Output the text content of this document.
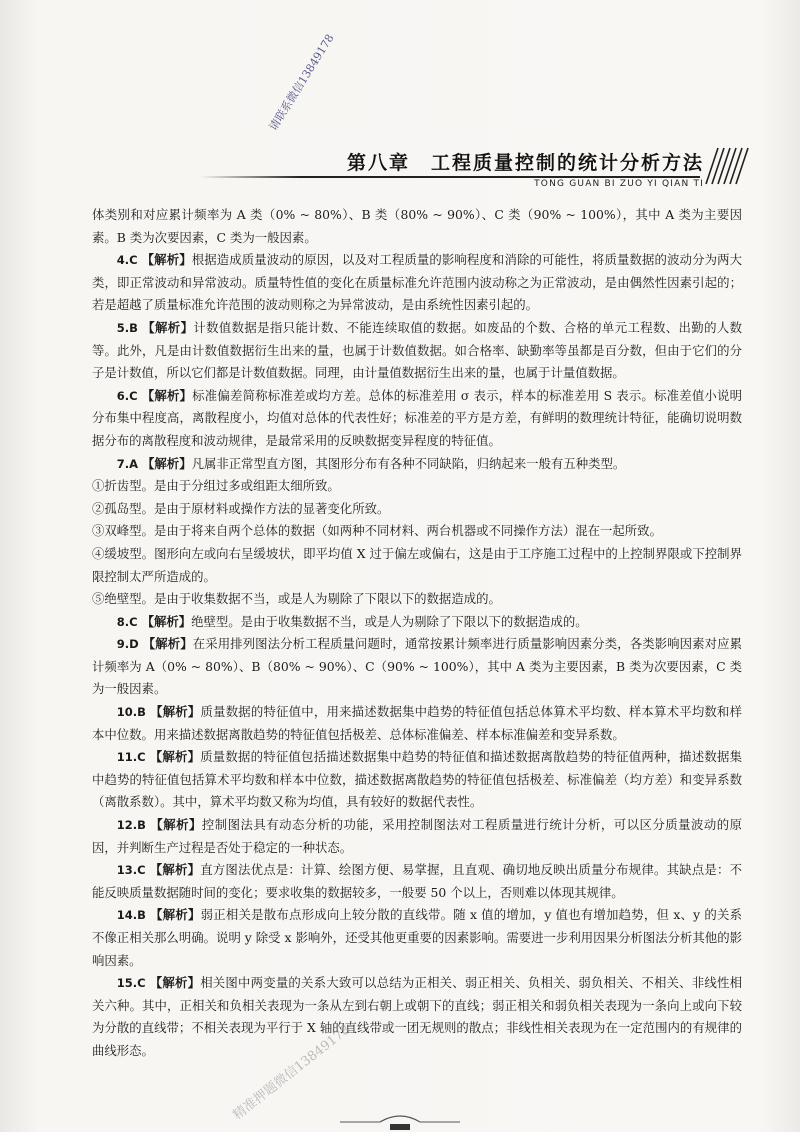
第八章　工程质量控制的统计分析方法
TONG GUAN BI ZUO YI QIAN TI
请联系微信13849178

体类别和对应累计频率为 A 类（0% ~ 80%）、B 类（80% ~ 90%）、C 类（90% ~ 100%），其中 A 类为主要因素。B 类为次要因素，C 类为一般因素。

4.C 【解析】根据造成质量波动的原因，以及对工程质量的影响程度和消除的可能性，将质量数据的波动分为两大类，即正常波动和异常波动。质量特性值的变化在质量标准允许范围内波动称之为正常波动，是由偶然性因素引起的；若是超越了质量标准允许范围的波动则称之为异常波动，是由系统性因素引起的。

5.B 【解析】计数值数据是指只能计数、不能连续取值的数据。如废品的个数、合格的单元工程数、出勤的人数等。此外，凡是由计数值数据衍生出来的量，也属于计数值数据。如合格率、缺勤率等虽都是百分数，但由于它们的分子是计数值，所以它们都是计数值数据。同理，由计量值数据衍生出来的量，也属于计量值数据。

6.C 【解析】标准偏差简称标准差或均方差。总体的标准差用 σ 表示，样本的标准差用 S 表示。标准差值小说明分布集中程度高，离散程度小，均值对总体的代表性好；标准差的平方是方差，有鲜明的数理统计特征，能确切说明数据分布的离散程度和波动规律，是最常采用的反映数据变异程度的特征值。

7.A 【解析】凡属非正常型直方图，其图形分布有各种不同缺陷，归纳起来一般有五种类型。

①折齿型。是由于分组过多或组距太细所致。

②孤岛型。是由于原材料或操作方法的显著变化所致。

③双峰型。是由于将来自两个总体的数据（如两种不同材料、两台机器或不同操作方法）混在一起所致。

④缓坡型。图形向左或向右呈缓坡状，即平均值 X 过于偏左或偏右，这是由于工序施工过程中的上控制界限或下控制界限控制太严所造成的。

⑤绝壁型。是由于收集数据不当，或是人为剔除了下限以下的数据造成的。

8.C 【解析】绝壁型。是由于收集数据不当，或是人为剔除了下限以下的数据造成的。

9.D 【解析】在采用排列图法分析工程质量问题时，通常按累计频率进行质量影响因素分类，各类影响因素对应累计频率为 A（0% ~ 80%）、B（80% ~ 90%）、C（90% ~ 100%），其中 A 类为主要因素，B 类为次要因素，C 类为一般因素。

10.B 【解析】质量数据的特征值中，用来描述数据集中趋势的特征值包括总体算术平均数、样本算术平均数和样本中位数。用来描述数据离散趋势的特征值包括极差、总体标准偏差、样本标准偏差和变异系数。

11.C 【解析】质量数据的特征值包括描述数据集中趋势的特征值和描述数据离散趋势的特征值两种，描述数据集中趋势的特征值包括算术平均数和样本中位数，描述数据离散趋势的特征值包括极差、标准偏差（均方差）和变异系数（离散系数）。其中，算术平均数又称为均值，具有较好的数据代表性。

12.B 【解析】控制图法具有动态分析的功能，采用控制图法对工程质量进行统计分析，可以区分质量波动的原因，并判断生产过程是否处于稳定的一种状态。

13.C 【解析】直方图法优点是：计算、绘图方便、易掌握，且直观、确切地反映出质量分布规律。其缺点是：不能反映质量数据随时间的变化；要求收集的数据较多，一般要 50 个以上，否则难以体现其规律。

14.B 【解析】弱正相关是散布点形成向上较分散的直线带。随 x 值的增加，y 值也有增加趋势，但 x、y 的关系不像正相关那么明确。说明 y 除受 x 影响外，还受其他更重要的因素影响。需要进一步利用因果分析图法分析其他的影响因素。

15.C 【解析】相关图中两变量的关系大致可以总结为正相关、弱正相关、负相关、弱负相关、不相关、非线性相关六种。其中，正相关和负相关表现为一条从左到右朝上或朝下的直线；弱正相关和弱负相关表现为一条向上或向下较为分散的直线带；不相关表现为平行于 X 轴的直线带或一团无规则的散点；非线性相关表现为在一定范围内的有规律的曲线形态。	精准押题微信13849178
